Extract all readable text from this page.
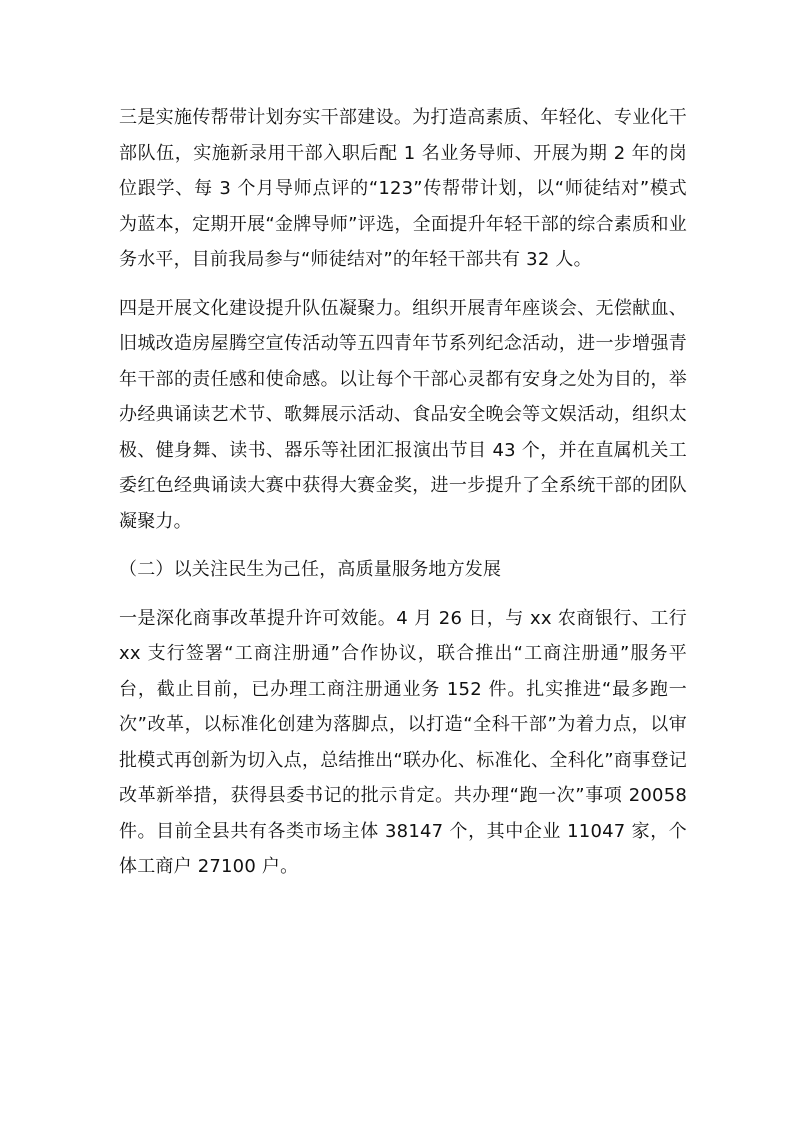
三是实施传帮带计划夯实干部建设。为打造高素质、年轻化、专业化干部队伍，实施新录用干部入职后配 1 名业务导师、开展为期 2 年的岗位跟学、每 3 个月导师点评的“123”传帮带计划，以“师徒结对”模式为蓝本，定期开展“金牌导师”评选，全面提升年轻干部的综合素质和业务水平，目前我局参与“师徒结对”的年轻干部共有 32 人。

四是开展文化建设提升队伍凝聚力。组织开展青年座谈会、无偿献血、旧城改造房屋腾空宣传活动等五四青年节系列纪念活动，进一步增强青年干部的责任感和使命感。以让每个干部心灵都有安身之处为目的，举办经典诵读艺术节、歌舞展示活动、食品安全晚会等文娱活动，组织太极、健身舞、读书、器乐等社团汇报演出节目 43 个，并在直属机关工委红色经典诵读大赛中获得大赛金奖，进一步提升了全系统干部的团队凝聚力。

（二）以关注民生为己任，高质量服务地方发展

一是深化商事改革提升许可效能。4 月 26 日，与 xx 农商银行、工行 xx 支行签署“工商注册通”合作协议，联合推出“工商注册通”服务平台，截止目前，已办理工商注册通业务 152 件。扎实推进“最多跑一次”改革，以标准化创建为落脚点，以打造“全科干部”为着力点，以审批模式再创新为切入点，总结推出“联办化、标准化、全科化”商事登记改革新举措，获得县委书记的批示肯定。共办理“跑一次”事项 20058 件。目前全县共有各类市场主体 38147 个，其中企业 11047 家，个体工商户 27100 户。
